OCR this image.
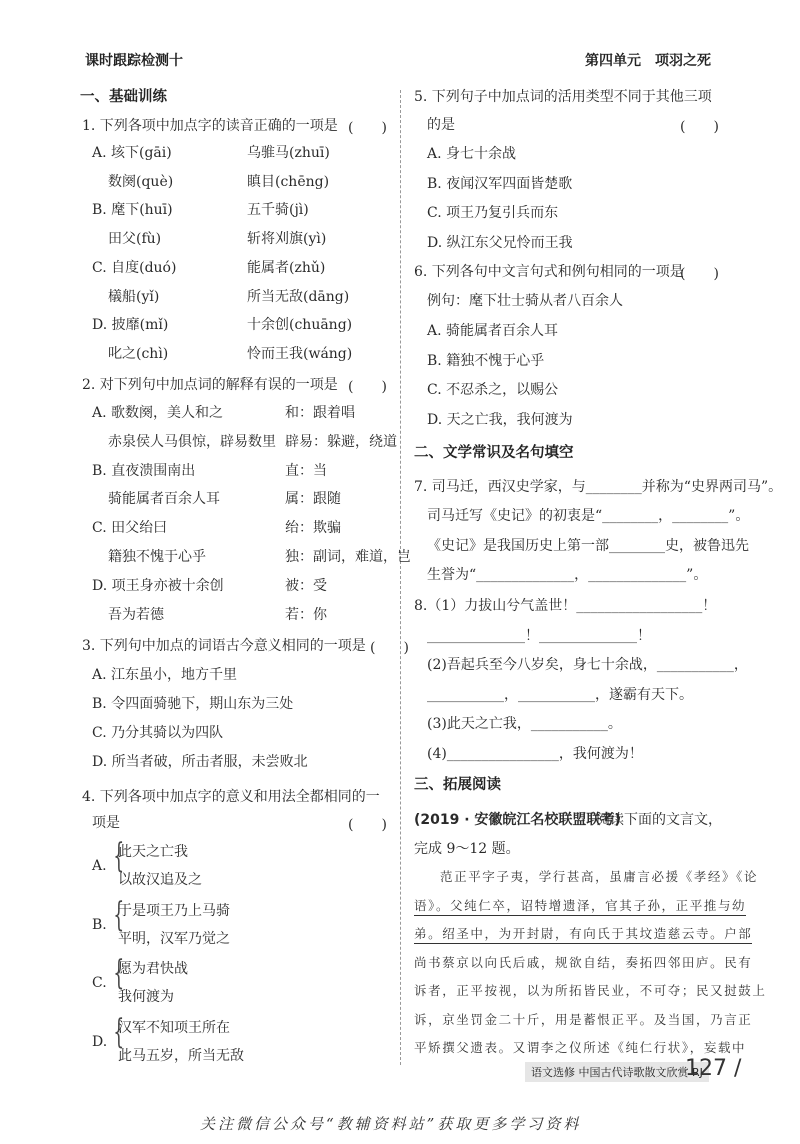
课时跟踪检测十	第四单元　项羽之死
一、基础训练
1. 下列各项中加点字的读音正确的一项是 (　　)
A. 垓下(gāi)	乌骓马(zhuī)
数阕(què)	瞋目(chēng)
B. 麾下(huī)	五千骑(jì)
田父(fù)	斩将刈旗(yì)
C. 自度(duó)	能属者(zhǔ)
檥船(yǐ)	所当无敌(dāng)
D. 披靡(mǐ)	十余创(chuāng)
叱之(chì)	怜而王我(wáng)
2. 对下列句中加点词的解释有误的一项是 (　　)
A. 歌数阕，美人和之	和：跟着唱
赤泉侯人马俱惊，辟易数里 辟易：躲避，绕道
B. 直夜溃围南出	直：当
骑能属者百余人耳	属：跟随
C. 田父绐曰	绐：欺骗
籍独不愧于心乎	独：副词，难道，岂
D. 项王身亦被十余创	被：受
吾为若德	若：你
3. 下列句中加点的词语古今意义相同的一项是 (　　)
A. 江东虽小，地方千里
B. 令四面骑驰下，期山东为三处
C. 乃分其骑以为四队
D. 所当者破，所击者服，未尝败北
4. 下列各项中加点字的意义和用法全都相同的一
项是	(　　)
A. {
此天之亡我
以故汉追及之
B. {
于是项王乃上马骑
平明，汉军乃觉之
C. {
愿为君快战
我何渡为
D. {
汉军不知项王所在
此马五岁，所当无敌
5. 下列句子中加点词的活用类型不同于其他三项
的是	(　　)
A. 身七十余战
B. 夜闻汉军四面皆楚歌
C. 项王乃复引兵而东
D. 纵江东父兄怜而王我
6. 下列各句中文言句式和例句相同的一项是
(　　)
例句：麾下壮士骑从者八百余人
A. 骑能属者百余人耳
B. 籍独不愧于心乎
C. 不忍杀之，以赐公
D. 天之亡我，我何渡为
二、文学常识及名句填空
7. 司马迁，西汉史学家，与________并称为“史界两司马”。
司马迁写《史记》的初衷是“________，________”。
《史记》是我国历史上第一部________史，被鲁迅先
生誉为“______________，______________”。
8.（1）力拔山兮气盖世！__________________！
______________！______________！
(2)吾起兵至今八岁矣，身七十余战，___________，
___________，___________，遂霸有天下。
(3)此天之亡我，___________。
(4)________________，我何渡为！
三、拓展阅读
(2019 · 安徽皖江名校联盟联考)
阅读下面的文言文，
完成 9～12 题。
范正平字子夷，学行甚高，虽庸言必援《孝经》《论
语》。父纯仁卒，诏特增遗泽，官其子孙，正平推与幼
弟。绍圣中，为开封尉，有向氏于其坟造慈云寺。户部
尚书蔡京以向氏后戚，规欲自结，奏拓四邻田庐。民有
诉者，正平按视，以为所拓皆民业，不可夺；民又挝鼓上
诉，京坐罚金二十斤，用是蓄恨正平。及当国，乃言正
平矫撰父遗表。又谓李之仪所述《纯仁行状》，妄载中
语文选修 中国古代诗歌散文欣赏 RJ
127 /
关注微信公众号“教辅资料站”获取更多学习资料
